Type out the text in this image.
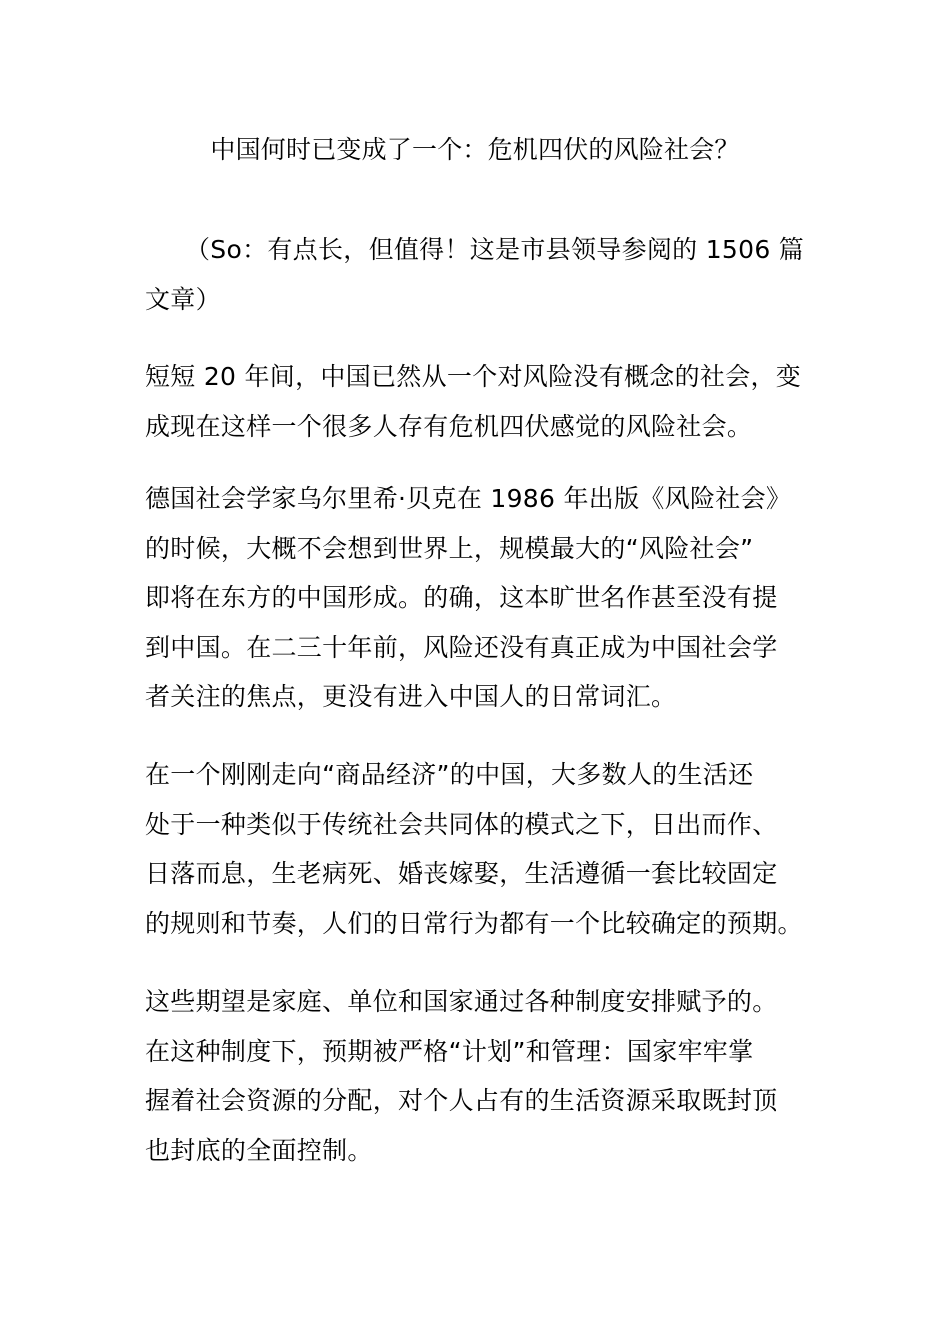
中国何时已变成了一个：危机四伏的风险社会？

（So：有点长，但值得！这是市县领导参阅的 1506 篇
文章）

短短 20 年间，中国已然从一个对风险没有概念的社会，变
成现在这样一个很多人存有危机四伏感觉的风险社会。

德国社会学家乌尔里希·贝克在 1986 年出版《风险社会》
的时候，大概不会想到世界上，规模最大的“风险社会”
即将在东方的中国形成。的确，这本旷世名作甚至没有提
到中国。在二三十年前，风险还没有真正成为中国社会学
者关注的焦点，更没有进入中国人的日常词汇。

在一个刚刚走向“商品经济”的中国，大多数人的生活还
处于一种类似于传统社会共同体的模式之下，日出而作、
日落而息，生老病死、婚丧嫁娶，生活遵循一套比较固定
的规则和节奏，人们的日常行为都有一个比较确定的预期。

这些期望是家庭、单位和国家通过各种制度安排赋予的。
在这种制度下，预期被严格“计划”和管理：国家牢牢掌
握着社会资源的分配，对个人占有的生活资源采取既封顶
也封底的全面控制。
